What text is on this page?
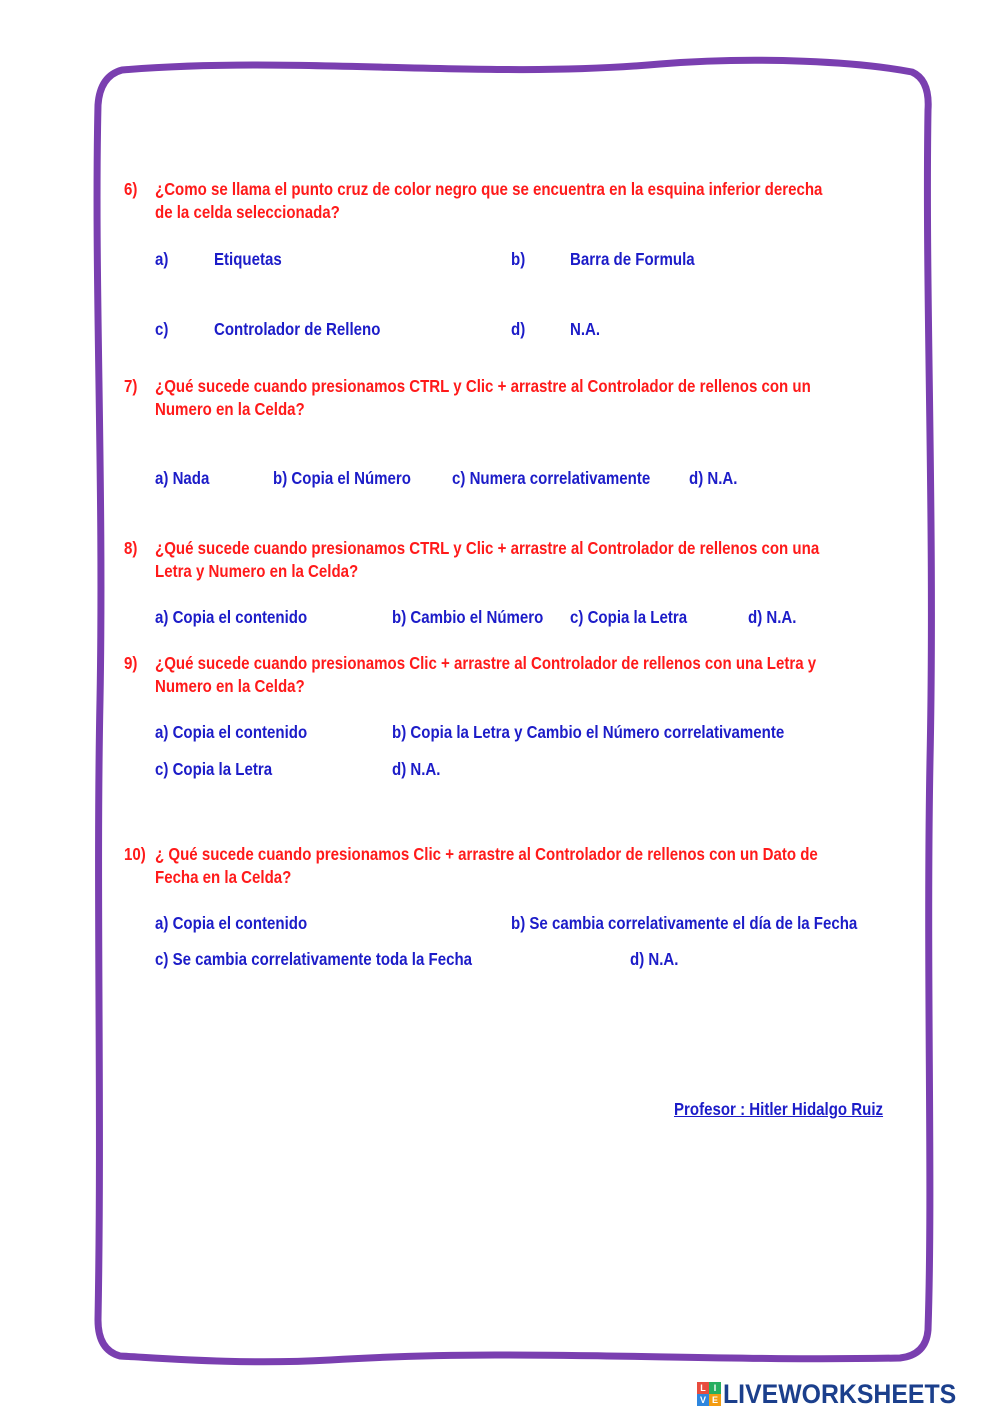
6) ¿Como se llama el punto cruz de color negro que se encuentra en la esquina inferior derecha

de la celda seleccionada?

a)	Etiquetas	b)	Barra de Formula

c)	Controlador de Relleno	d)	N.A.

7) ¿Qué sucede cuando presionamos CTRL y Clic + arrastre al Controlador de rellenos con un

Numero en la Celda?

a) Nada	b) Copia el Número c) Numera correlativamente d) N.A.

8) ¿Qué sucede cuando presionamos CTRL y Clic + arrastre al Controlador de rellenos con una

Letra y Numero en la Celda?

a) Copia el contenido	b) Cambio el Número c) Copia la Letra	d) N.A.

9) ¿Qué sucede cuando presionamos Clic + arrastre al Controlador de rellenos con una Letra y

Numero en la Celda?

a) Copia el contenido	b) Copia la Letra y Cambio el Número correlativamente

c) Copia la Letra	d) N.A.

10) ¿ Qué sucede cuando presionamos Clic + arrastre al Controlador de rellenos con un Dato de

Fecha en la Celda?

a) Copia el contenido	b) Se cambia correlativamente el día de la Fecha

c) Se cambia correlativamente toda la Fecha	d) N.A.

Profesor : Hitler Hidalgo Ruiz

L I
V E LIVEWORKSHEETS
